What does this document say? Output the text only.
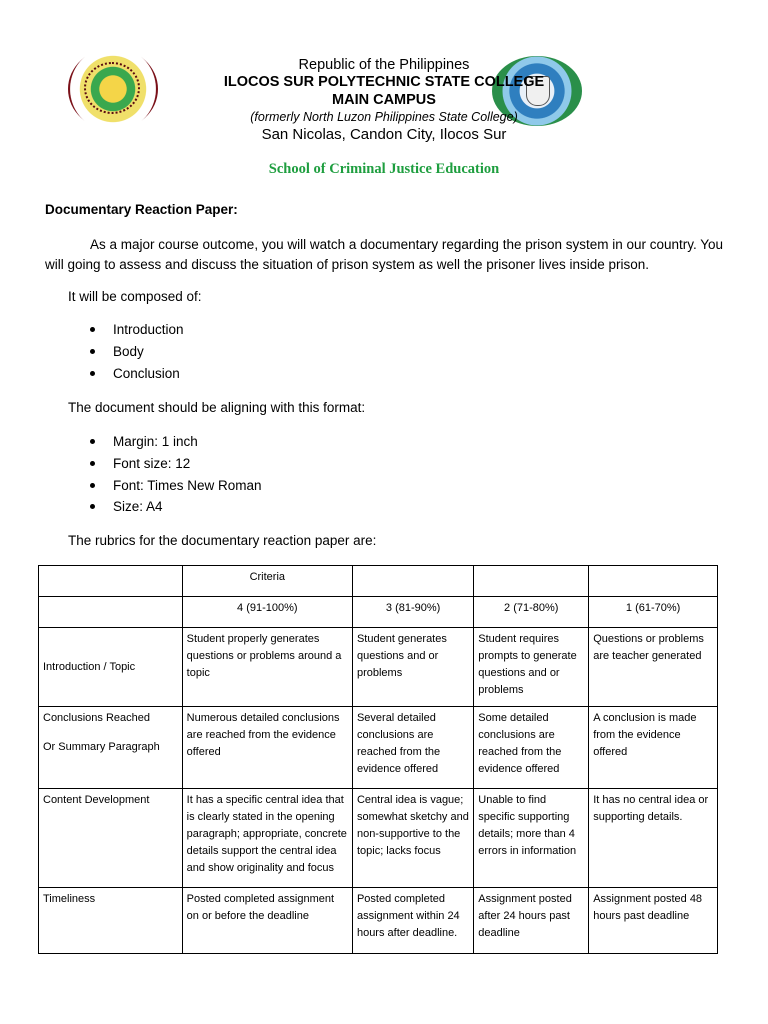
Republic of the Philippines
ILOCOS SUR POLYTECHNIC STATE COLLEGE
MAIN CAMPUS
(formerly North Luzon Philippines State College)
San Nicolas, Candon City, Ilocos Sur
School of Criminal Justice Education
Documentary Reaction Paper:
As a major course outcome, you will watch a documentary regarding the prison system in our country. You will going to assess and discuss the situation of prison system as well the prisoner lives inside prison.
It will be composed of:
Introduction
Body
Conclusion
The document should be aligning with this format:
Margin: 1 inch
Font size: 12
Font: Times New Roman
Size: A4
The rubrics for the documentary reaction paper are:
	Criteria			
	4 (91-100%)	3 (81-90%)	2 (71-80%)	1 (61-70%)
Introduction / Topic	Student properly generates questions or problems around a topic	Student generates questions and or problems	Student requires prompts to generate questions and or problems	Questions or problems are teacher generated

Conclusions Reached
Or Summary Paragraph	Numerous detailed conclusions are reached from the evidence offered	Several detailed conclusions are reached from the evidence offered	Some detailed conclusions are reached from the evidence offered	A conclusion is made from the evidence offered
Content Development	It has a specific central idea that is clearly stated in the opening paragraph; appropriate, concrete details support the central idea and show originality and focus	Central idea is vague; somewhat sketchy and non-supportive to the topic; lacks focus	Unable to find specific supporting details; more than 4 errors in information	It has no central idea or supporting details.
Timeliness	Posted completed assignment on or before the deadline	Posted completed assignment within 24 hours after deadline.	Assignment posted after 24 hours past deadline	Assignment posted 48 hours past deadline
